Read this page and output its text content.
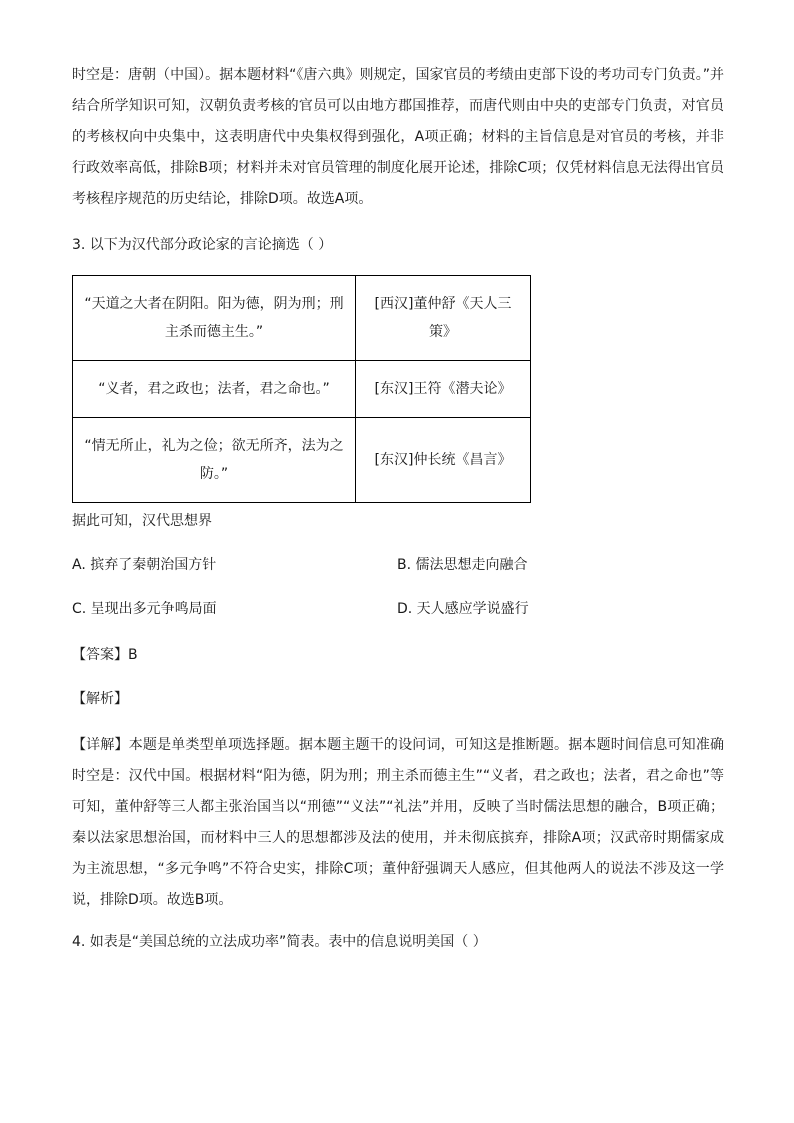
时空是：唐朝（中国）。据本题材料“《唐六典》则规定，国家官员的考绩由吏部下设的考功司专门负责。”并结合所学知识可知，汉朝负责考核的官员可以由地方郡国推荐，而唐代则由中央的吏部专门负责，对官员的考核权向中央集中，这表明唐代中央集权得到强化，A项正确；材料的主旨信息是对官员的考核，并非行政效率高低，排除B项；材料并未对官员管理的制度化展开论述，排除C项；仅凭材料信息无法得出官员考核程序规范的历史结论，排除D项。故选A项。

3. 以下为汉代部分政论家的言论摘选（ ）

“天道之大者在阴阳。阳为德，阴为刑；刑主杀而德主生。”	[西汉]董仲舒《天人三策》
“义者，君之政也；法者，君之命也。”	[东汉]王符《潜夫论》
“情无所止，礼为之俭；欲无所齐，法为之防。”	[东汉]仲长统《昌言》

据此可知，汉代思想界

A. 摈弃了秦朝治国方针	B. 儒法思想走向融合
C. 呈现出多元争鸣局面	D. 天人感应学说盛行

【答案】B

【解析】

【详解】本题是单类型单项选择题。据本题主题干的设问词，可知这是推断题。据本题时间信息可知准确时空是：汉代中国。根据材料“阳为德，阴为刑；刑主杀而德主生”“义者，君之政也；法者，君之命也”等可知，董仲舒等三人都主张治国当以“刑德”“义法”“礼法”并用，反映了当时儒法思想的融合，B项正确；秦以法家思想治国，而材料中三人的思想都涉及法的使用，并未彻底摈弃，排除A项；汉武帝时期儒家成为主流思想，“多元争鸣”不符合史实，排除C项；董仲舒强调天人感应，但其他两人的说法不涉及这一学说，排除D项。故选B项。

4. 如表是“美国总统的立法成功率”简表。表中的信息说明美国（ ）
